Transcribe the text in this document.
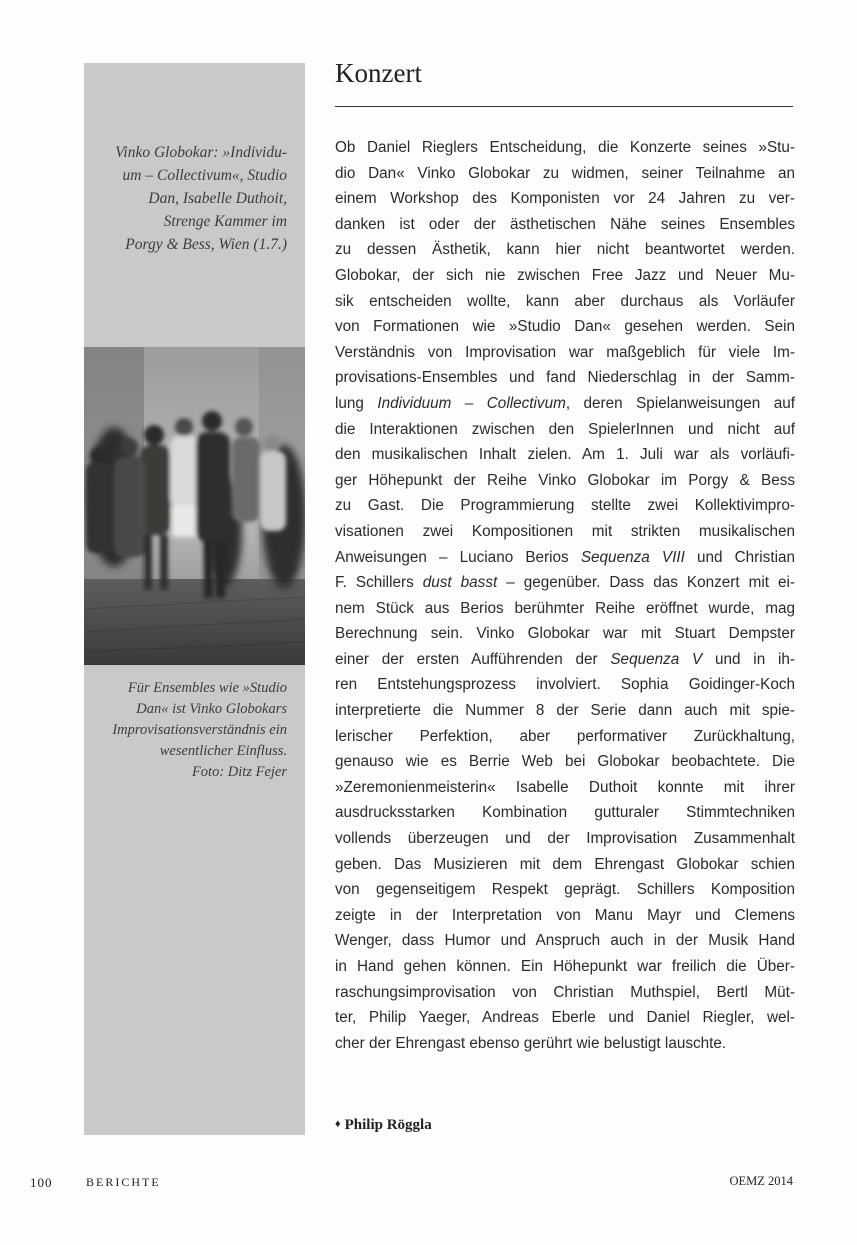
Vinko Globokar: »Individu-
um – Collectivum«, Studio
Dan, Isabelle Duthoit,
Strenge Kammer im
Porgy & Bess, Wien (1.7.)
Für Ensembles wie »Studio
Dan« ist Vinko Globokars
Improvisationsverständnis ein
wesentlicher Einfluss.
Foto: Ditz Fejer
Konzert
Ob Daniel Rieglers Entscheidung, die Konzerte seines »Stu-
dio Dan« Vinko Globokar zu widmen, seiner Teilnahme an
einem Workshop des Komponisten vor 24 Jahren zu ver-
danken ist oder der ästhetischen Nähe seines Ensembles
zu dessen Ästhetik, kann hier nicht beantwortet werden.
Globokar, der sich nie zwischen Free Jazz und Neuer Mu-
sik entscheiden wollte, kann aber durchaus als Vorläufer
von Formationen wie »Studio Dan« gesehen werden. Sein
Verständnis von Improvisation war maßgeblich für viele Im-
provisations-Ensembles und fand Niederschlag in der Samm-
lung Individuum – Collectivum, deren Spielanweisungen auf
die Interaktionen zwischen den SpielerInnen und nicht auf
den musikalischen Inhalt zielen. Am 1. Juli war als vorläufi-
ger Höhepunkt der Reihe Vinko Globokar im Porgy & Bess
zu Gast. Die Programmierung stellte zwei Kollektivimpro-
visationen zwei Kompositionen mit strikten musikalischen
Anweisungen – Luciano Berios Sequenza VIII und Christian
F. Schillers dust basst – gegenüber. Dass das Konzert mit ei-
nem Stück aus Berios berühmter Reihe eröffnet wurde, mag
Berechnung sein. Vinko Globokar war mit Stuart Dempster
einer der ersten Aufführenden der Sequenza V und in ih-
ren Entstehungsprozess involviert. Sophia Goidinger-Koch
interpretierte die Nummer 8 der Serie dann auch mit spie-
lerischer Perfektion, aber performativer Zurückhaltung,
genauso wie es Berrie Web bei Globokar beobachtete. Die
»Zeremonienmeisterin« Isabelle Duthoit konnte mit ihrer
ausdrucksstarken Kombination gutturaler Stimmtechniken
vollends überzeugen und der Improvisation Zusammenhalt
geben. Das Musizieren mit dem Ehrengast Globokar schien
von gegenseitigem Respekt geprägt. Schillers Komposition
zeigte in der Interpretation von Manu Mayr und Clemens
Wenger, dass Humor und Anspruch auch in der Musik Hand
in Hand gehen können. Ein Höhepunkt war freilich die Über-
raschungsimprovisation von Christian Muthspiel, Bertl Müt-
ter, Philip Yaeger, Andreas Eberle und Daniel Riegler, wel-
cher der Ehrengast ebenso gerührt wie belustigt lauschte.
♦ Philip Röggla
100	BERICHTE	OEMZ 2014
